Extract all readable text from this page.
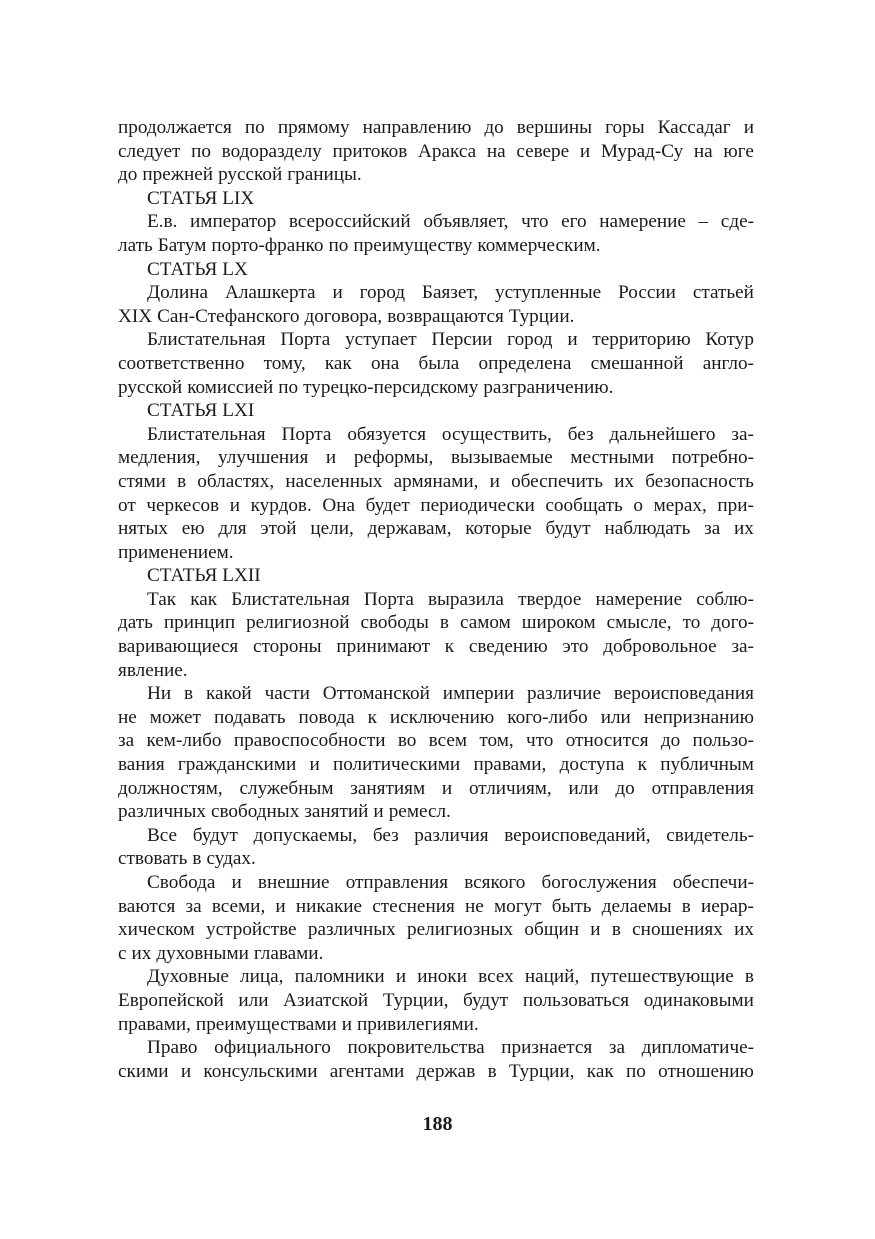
продолжается по прямому направлению до вершины горы Кассадаг и
следует по водоразделу притоков Аракса на севере и Мурад-Су на юге
до прежней русской границы.
СТАТЬЯ LIX
Е.в. император всероссийский объявляет, что его намерение – сде-
лать Батум порто-франко по преимуществу коммерческим.
СТАТЬЯ LX
Долина Алашкерта и город Баязет, уступленные России статьей
XIX Сан-Стефанского договора, возвращаются Турции.
Блистательная Порта уступает Персии город и территорию Котур
соответственно тому, как она была определена смешанной англо-
русской комиссией по турецко-персидскому разграничению.
СТАТЬЯ LXI
Блистательная Порта обязуется осуществить, без дальнейшего за-
медления, улучшения и реформы, вызываемые местными потребно-
стями в областях, населенных армянами, и обеспечить их безопасность
от черкесов и курдов. Она будет периодически сообщать о мерах, при-
нятых ею для этой цели, державам, которые будут наблюдать за их
применением.
СТАТЬЯ LXII
Так как Блистательная Порта выразила твердое намерение соблю-
дать принцип религиозной свободы в самом широком смысле, то дого-
варивающиеся стороны принимают к сведению это добровольное за-
явление.
Ни в какой части Оттоманской империи различие вероисповедания
не может подавать повода к исключению кого-либо или непризнанию
за кем-либо правоспособности во всем том, что относится до пользо-
вания гражданскими и политическими правами, доступа к публичным
должностям, служебным занятиям и отличиям, или до отправления
различных свободных занятий и ремесл.
Все будут допускаемы, без различия вероисповеданий, свидетель-
ствовать в судах.
Свобода и внешние отправления всякого богослужения обеспечи-
ваются за всеми, и никакие стеснения не могут быть делаемы в иерар-
хическом устройстве различных религиозных общин и в сношениях их
с их духовными главами.
Духовные лица, паломники и иноки всех наций, путешествующие в
Европейской или Азиатской Турции, будут пользоваться одинаковыми
правами, преимуществами и привилегиями.
Право официального покровительства признается за дипломатиче-
скими и консульскими агентами держав в Турции, как по отношению
188
